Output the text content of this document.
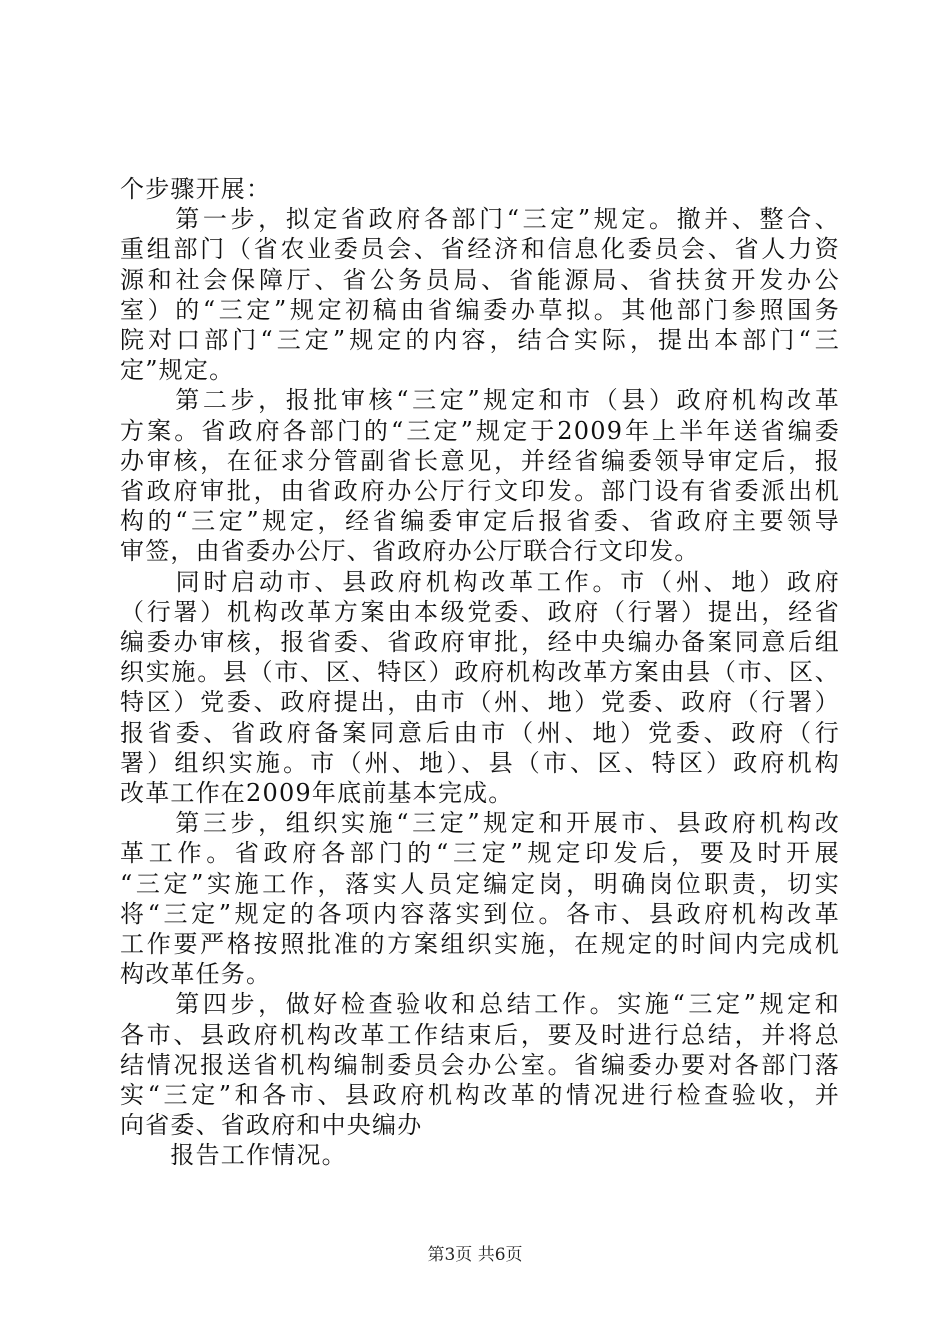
个步骤开展：
　　第一步，拟定省政府各部门“三定”规定。撤并、整合、
重组部门（省农业委员会、省经济和信息化委员会、省人力资
源和社会保障厅、省公务员局、省能源局、省扶贫开发办公
室）的“三定”规定初稿由省编委办草拟。其他部门参照国务
院对口部门“三定”规定的内容，结合实际，提出本部门“三
定”规定。
　　第二步，报批审核“三定”规定和市（县）政府机构改革
方案。省政府各部门的“三定”规定于2009年上半年送省编委
办审核，在征求分管副省长意见，并经省编委领导审定后，报
省政府审批，由省政府办公厅行文印发。部门设有省委派出机
构的“三定”规定，经省编委审定后报省委、省政府主要领导
审签，由省委办公厅、省政府办公厅联合行文印发。
　　同时启动市、县政府机构改革工作。市（州、地）政府
（行署）机构改革方案由本级党委、政府（行署）提出，经省
编委办审核，报省委、省政府审批，经中央编办备案同意后组
织实施。县（市、区、特区）政府机构改革方案由县（市、区、
特区）党委、政府提出，由市（州、地）党委、政府（行署）
报省委、省政府备案同意后由市（州、地）党委、政府（行
署）组织实施。市（州、地）、县（市、区、特区）政府机构
改革工作在2009年底前基本完成。
　　第三步，组织实施“三定”规定和开展市、县政府机构改
革工作。省政府各部门的“三定”规定印发后，要及时开展
“三定”实施工作，落实人员定编定岗，明确岗位职责，切实
将“三定”规定的各项内容落实到位。各市、县政府机构改革
工作要严格按照批准的方案组织实施，在规定的时间内完成机
构改革任务。
　　第四步，做好检查验收和总结工作。实施“三定”规定和
各市、县政府机构改革工作结束后，要及时进行总结，并将总
结情况报送省机构编制委员会办公室。省编委办要对各部门落
实“三定”和各市、县政府机构改革的情况进行检查验收，并
向省委、省政府和中央编办
　　报告工作情况。
第3页 共6页
